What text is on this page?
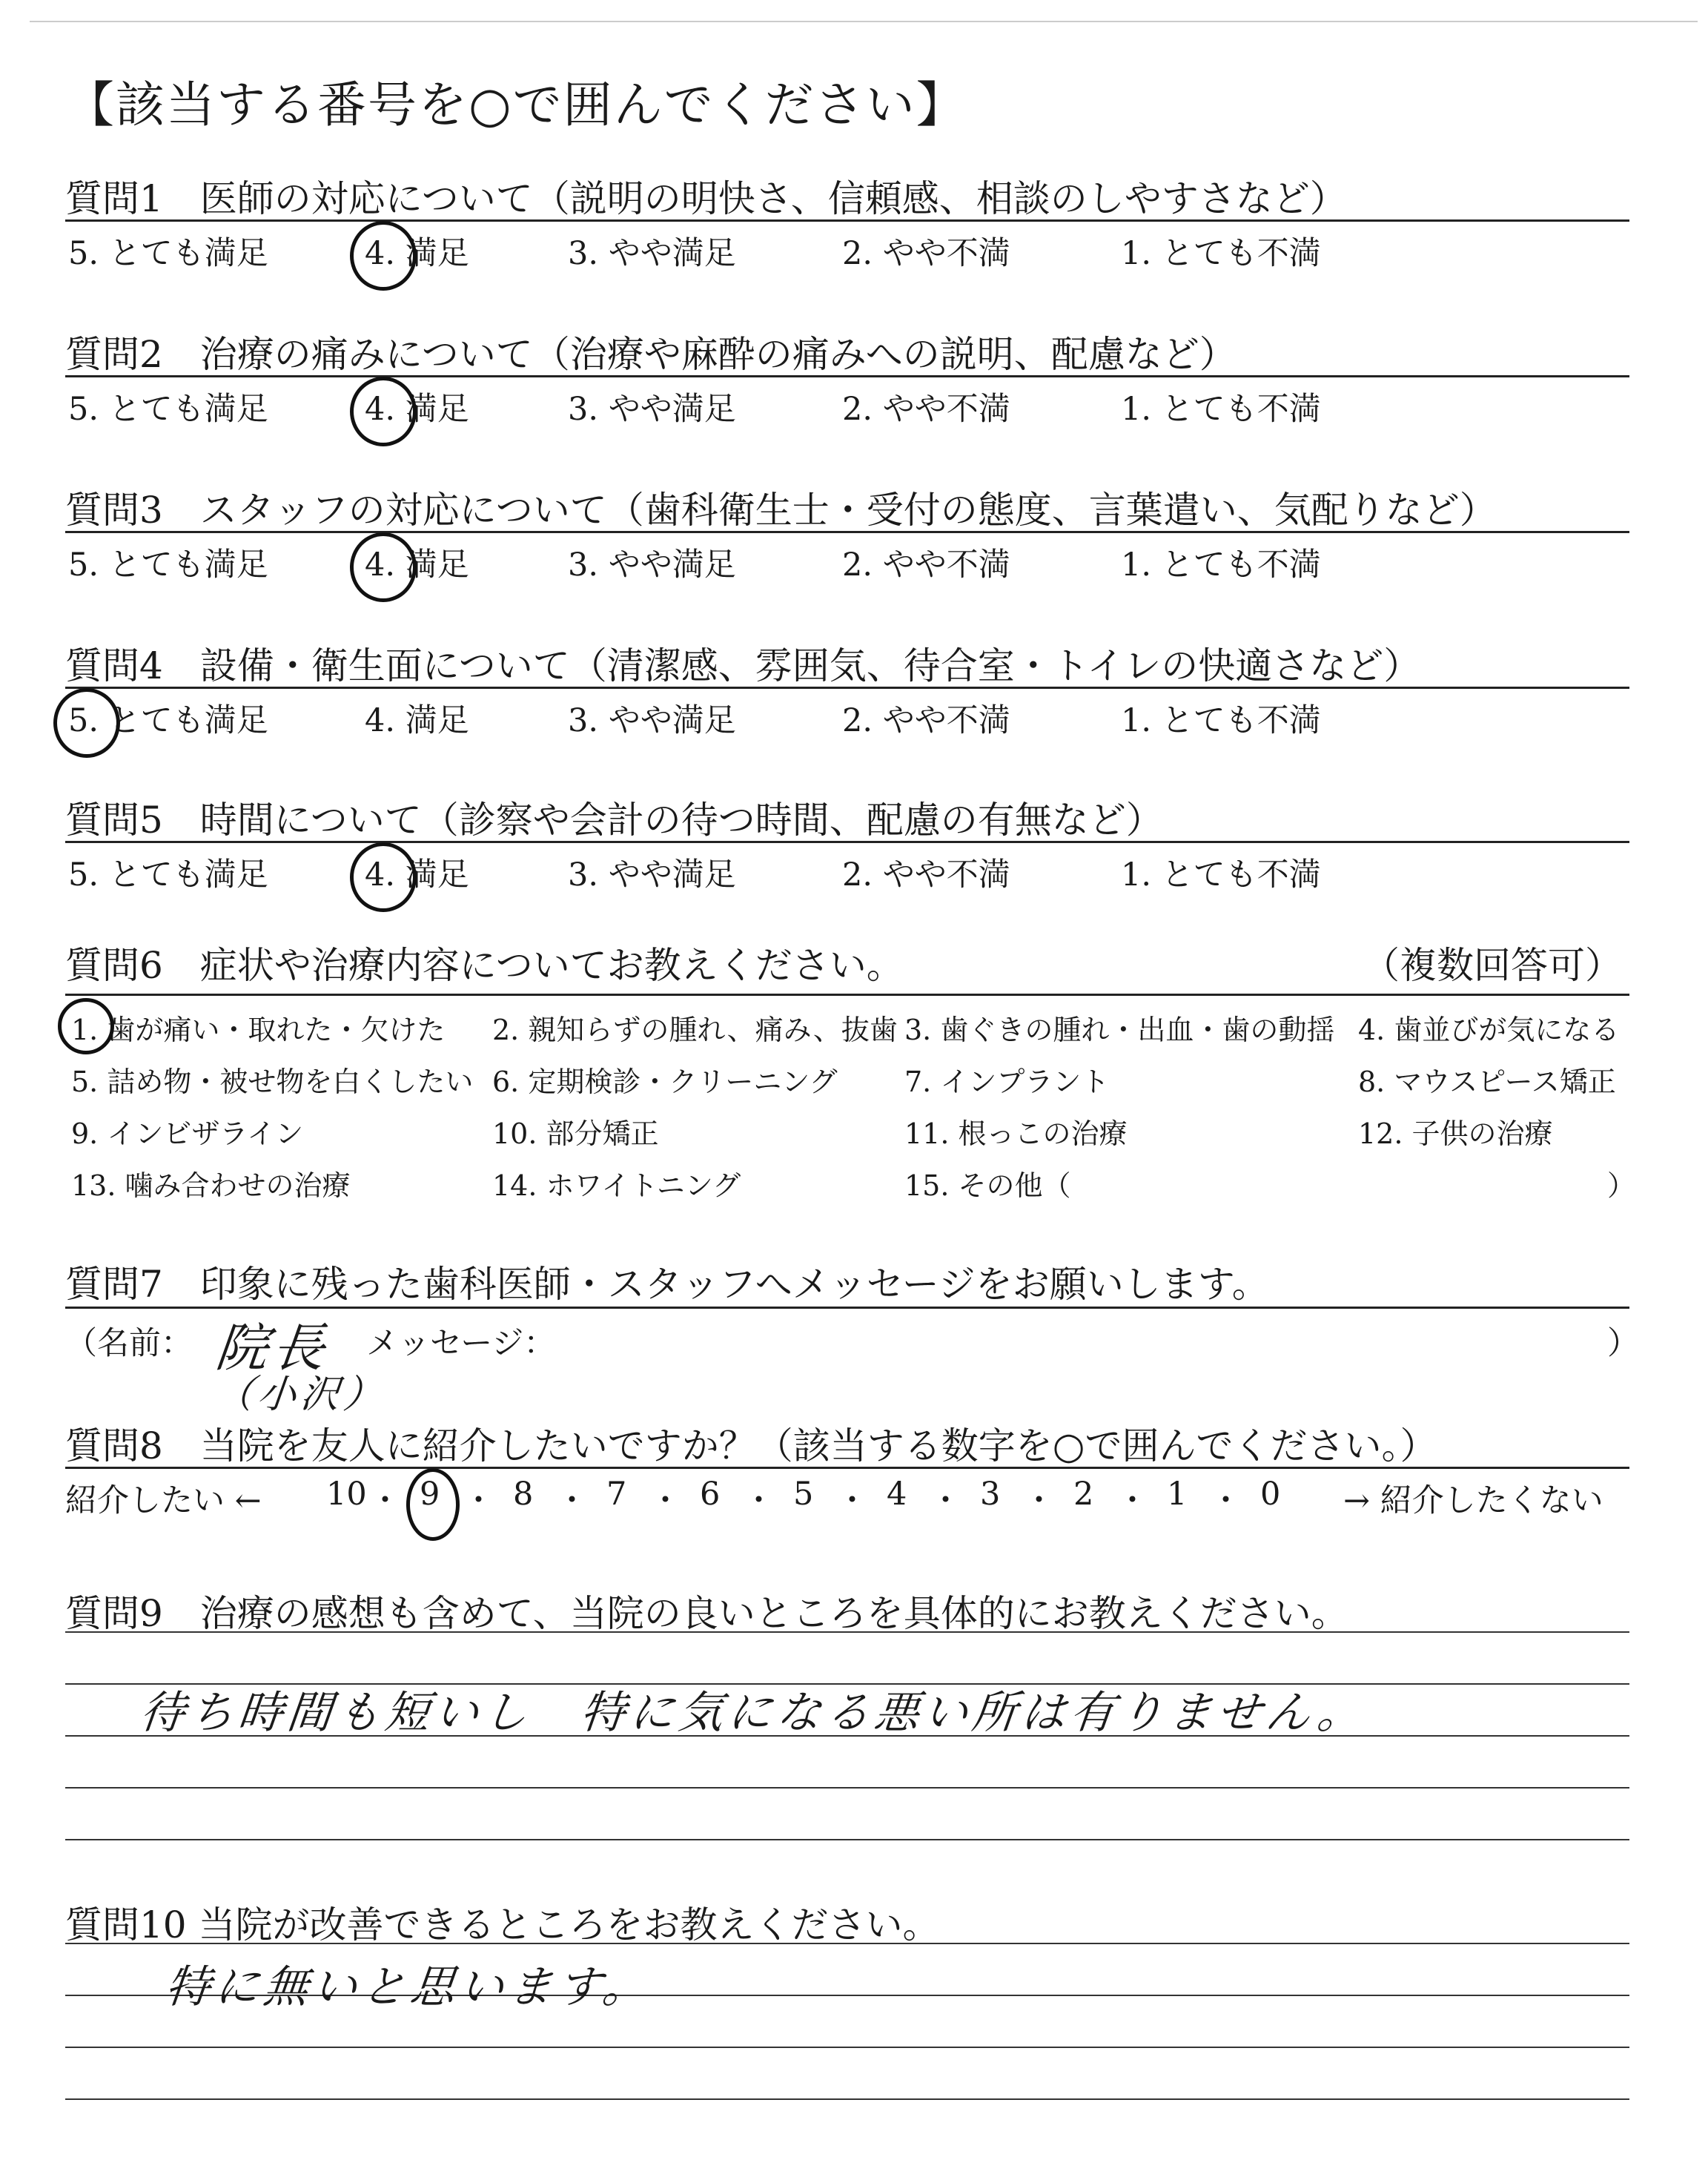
【該当する番号を○で囲んでください】
質問1　医師の対応について（説明の明快さ、信頼感、相談のしやすさなど）
5. とても満足	4. 満足	3. やや満足	2. やや不満	1. とても不満
質問2　治療の痛みについて（治療や麻酔の痛みへの説明、配慮など）
5. とても満足	4. 満足	3. やや満足	2. やや不満	1. とても不満
質問3　スタッフの対応について（歯科衛生士・受付の態度、言葉遣い、気配りなど）
5. とても満足	4. 満足	3. やや満足	2. やや不満	1. とても不満
質問4　設備・衛生面について（清潔感、雰囲気、待合室・トイレの快適さなど）
5. とても満足	4. 満足	3. やや満足	2. やや不満	1. とても不満
質問5　時間について（診察や会計の待つ時間、配慮の有無など）
5. とても満足	4. 満足	3. やや満足	2. やや不満	1. とても不満
質問6　症状や治療内容についてお教えください。	（複数回答可）
1. 歯が痛い・取れた・欠けた 2. 親知らずの腫れ、痛み、抜歯 3. 歯ぐきの腫れ・出血・歯の動揺 4. 歯並びが気になる
5. 詰め物・被せ物を白くしたい 6. 定期検診・クリーニング 7. インプラント	8. マウスピース矯正
9. インビザライン	10. 部分矯正	11. 根っこの治療	12. 子供の治療
13. 噛み合わせの治療	14. ホワイトニング	15. その他（	）
質問7　印象に残った歯科医師・スタッフへメッセージをお願いします。
（名前：	メッセージ：	）
院長
（小沢）
質問8　当院を友人に紹介したいですか？（該当する数字を○で囲んでください。）
紹介したい ←	→ 紹介したくない
10 ・ 9 ・ 8 ・ 7 ・ 6 ・ 5 ・ 4 ・ 3 ・ 2 ・ 1 ・ 0
質問9　治療の感想も含めて、当院の良いところを具体的にお教えください。
待ち時間も短いし　特に気になる悪い所は有りません。
質問10 当院が改善できるところをお教えください。
特に無いと思います。
